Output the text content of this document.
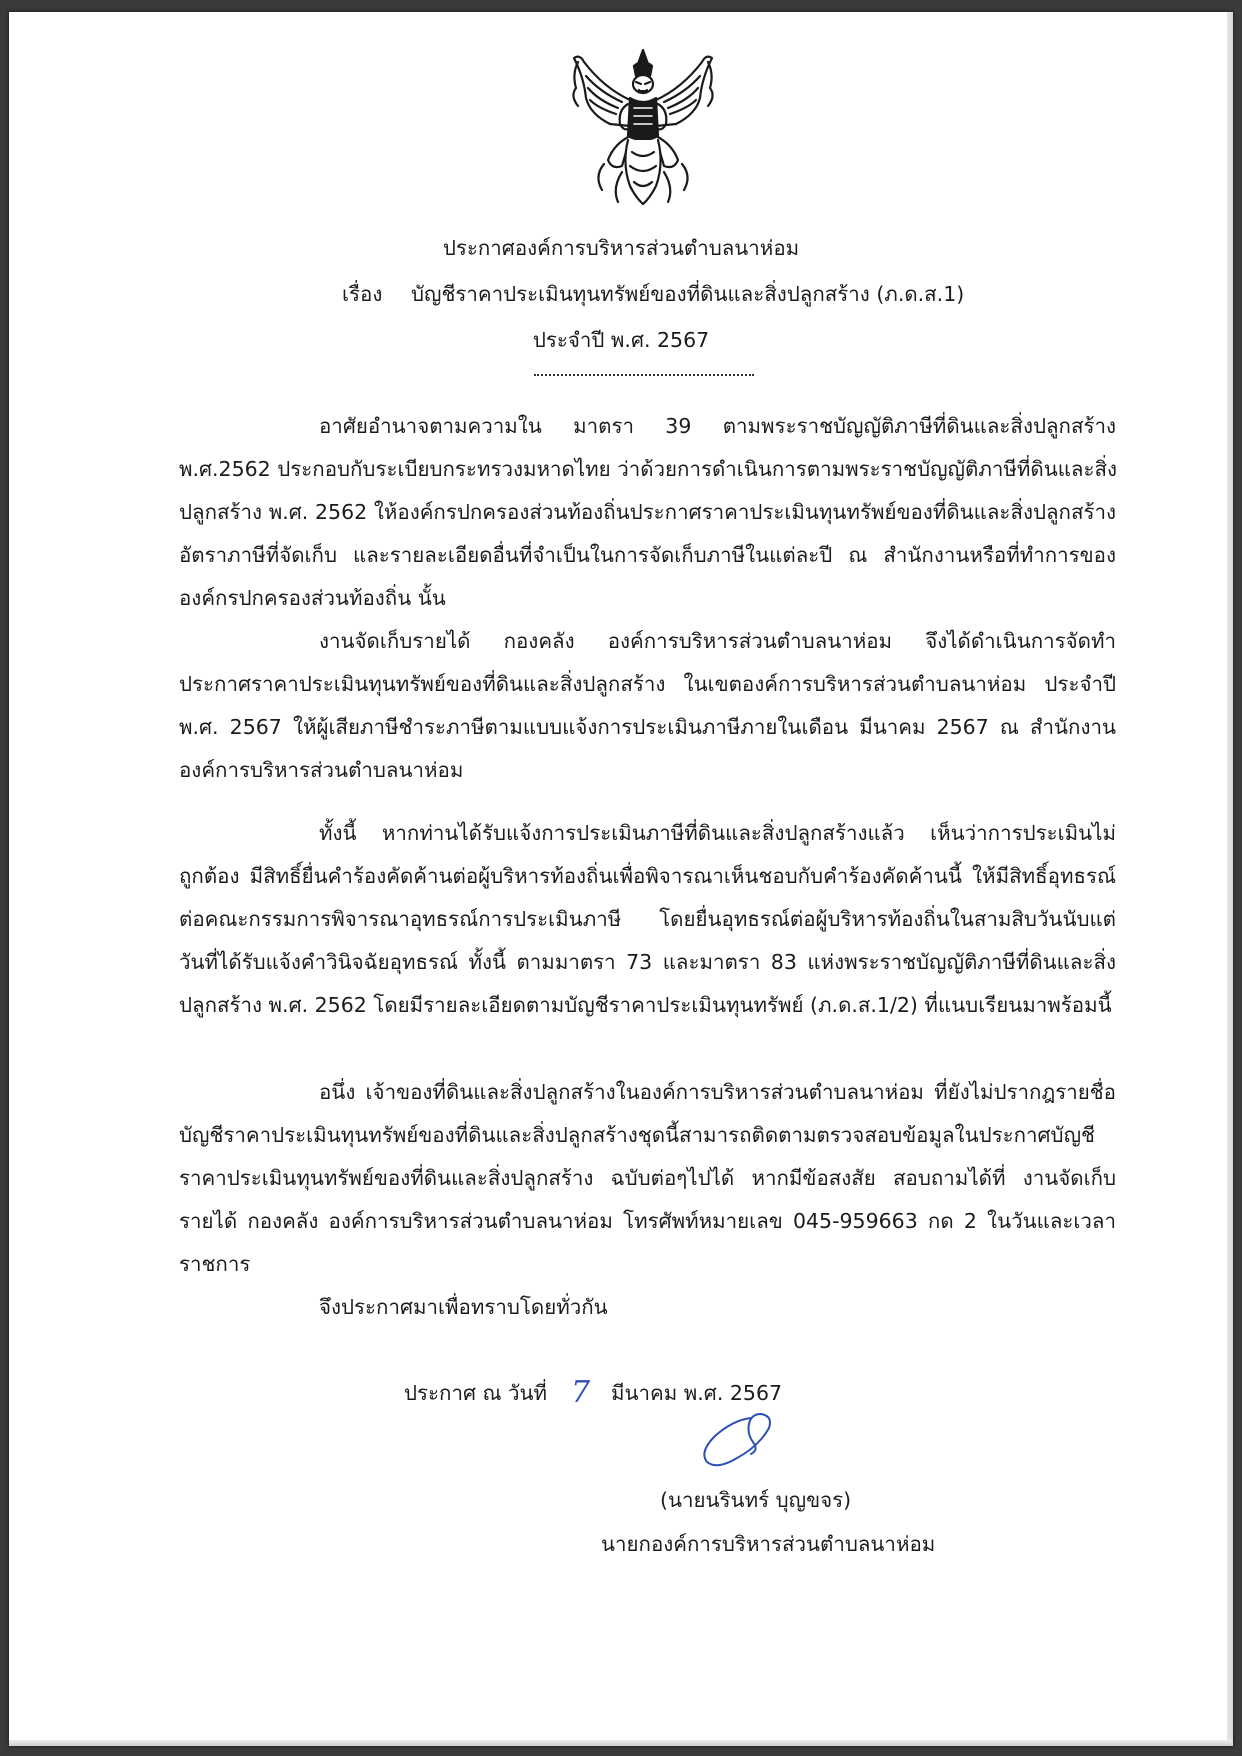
ประกาศองค์การบริหารส่วนตำบลนาห่อม
เรื่อง บัญชีราคาประเมินทุนทรัพย์ของที่ดินและสิ่งปลูกสร้าง (ภ.ด.ส.1)
ประจำปี พ.ศ. 2567
อาศัยอำนาจตามความใน มาตรา 39 ตามพระราชบัญญัติภาษีที่ดินและสิ่งปลูกสร้าง
พ.ศ.2562 ประกอบกับระเบียบกระทรวงมหาดไทย ว่าด้วยการดำเนินการตามพระราชบัญญัติภาษีที่ดินและสิ่ง
ปลูกสร้าง พ.ศ. 2562 ให้องค์กรปกครองส่วนท้องถิ่นประกาศราคาประเมินทุนทรัพย์ของที่ดินและสิ่งปลูกสร้าง
อัตราภาษีที่จัดเก็บ และรายละเอียดอื่นที่จำเป็นในการจัดเก็บภาษีในแต่ละปี ณ สำนักงานหรือที่ทำการของ
องค์กรปกครองส่วนท้องถิ่น นั้น
งานจัดเก็บรายได้ กองคลัง องค์การบริหารส่วนตำบลนาห่อม จึงได้ดำเนินการจัดทำ
ประกาศราคาประเมินทุนทรัพย์ของที่ดินและสิ่งปลูกสร้าง ในเขตองค์การบริหารส่วนตำบลนาห่อม ประจำปี
พ.ศ. 2567 ให้ผู้เสียภาษีชำระภาษีตามแบบแจ้งการประเมินภาษีภายในเดือน มีนาคม 2567 ณ สำนักงาน
องค์การบริหารส่วนตำบลนาห่อม
ทั้งนี้ หากท่านได้รับแจ้งการประเมินภาษีที่ดินและสิ่งปลูกสร้างแล้ว เห็นว่าการประเมินไม่
ถูกต้อง มีสิทธิ์ยื่นคำร้องคัดค้านต่อผู้บริหารท้องถิ่นเพื่อพิจารณาเห็นชอบกับคำร้องคัดค้านนี้ ให้มีสิทธิ์อุทธรณ์
ต่อคณะกรรมการพิจารณาอุทธรณ์การประเมินภาษี โดยยื่นอุทธรณ์ต่อผู้บริหารท้องถิ่นในสามสิบวันนับแต่
วันที่ได้รับแจ้งคำวินิจฉัยอุทธรณ์ ทั้งนี้ ตามมาตรา 73 และมาตรา 83 แห่งพระราชบัญญัติภาษีที่ดินและสิ่ง
ปลูกสร้าง พ.ศ. 2562 โดยมีรายละเอียดตามบัญชีราคาประเมินทุนทรัพย์ (ภ.ด.ส.1/2) ที่แนบเรียนมาพร้อมนี้
อนึ่ง เจ้าของที่ดินและสิ่งปลูกสร้างในองค์การบริหารส่วนตำบลนาห่อม ที่ยังไม่ปรากฎรายชื่อ
บัญชีราคาประเมินทุนทรัพย์ของที่ดินและสิ่งปลูกสร้างชุดนี้สามารถติดตามตรวจสอบข้อมูลในประกาศบัญชี
ราคาประเมินทุนทรัพย์ของที่ดินและสิ่งปลูกสร้าง ฉบับต่อๆไปได้ หากมีข้อสงสัย สอบถามได้ที่ งานจัดเก็บ
รายได้ กองคลัง องค์การบริหารส่วนตำบลนาห่อม โทรศัพท์หมายเลข 045-959663 กด 2 ในวันและเวลา
ราชการ
จึงประกาศมาเพื่อทราบโดยทั่วกัน
ประกาศ ณ วันที่ 7 มีนาคม พ.ศ. 2567
(นายนรินทร์ บุญขจร)
นายกองค์การบริหารส่วนตำบลนาห่อม
